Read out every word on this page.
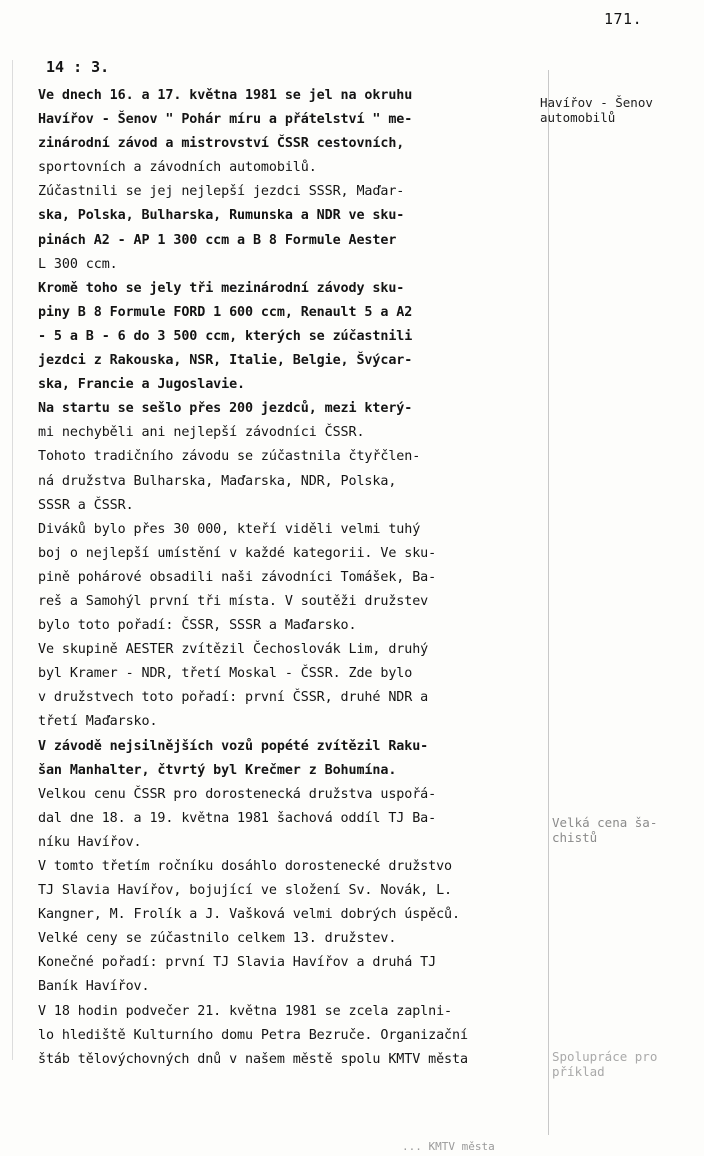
171.
14 : 3.
Ve dnech 16. a 17. května 1981 se jel na okruhu
Havířov - Šenov " Pohár míru a přátelství " me-
zinárodní závod a mistrovství ČSSR cestovních,
sportovních a závodních automobilů.
Zúčastnili se jej nejlepší jezdci SSSR, Maďar-
ska, Polska, Bulharska, Rumunska a NDR ve sku-
pinách A2 - AP 1 300 ccm a B 8 Formule Aester
L 300 ccm.
Kromě toho se jely tři mezinárodní závody sku-
piny B 8 Formule FORD 1 600 ccm, Renault 5 a A2
- 5 a B - 6 do 3 500 ccm, kterých se zúčastnili
jezdci z Rakouska, NSR, Italie, Belgie, Švýcar-
ska, Francie a Jugoslavie.
Na startu se sešlo přes 200 jezdců, mezi který-
mi nechyběli ani nejlepší závodníci ČSSR.
Tohoto tradičního závodu se zúčastnila čtyřčlen-
ná družstva Bulharska, Maďarska, NDR, Polska,
SSSR a ČSSR.
Diváků bylo přes 30 000, kteří viděli velmi tuhý
boj o nejlepší umístění v každé kategorii. Ve sku-
pině pohárové obsadili naši závodníci Tomášek, Ba-
reš a Samohýl první tři místa. V soutěži družstev
bylo toto pořadí: ČSSR, SSSR a Maďarsko.
Ve skupině AESTER zvítězil Čechoslovák Lim, druhý
byl Kramer - NDR, třetí Moskal - ČSSR. Zde bylo
v družstvech toto pořadí: první ČSSR, druhé NDR a
třetí Maďarsko.
V závodě nejsilnějších vozů popété zvítězil Raku-
šan Manhalter, čtvrtý byl Krečmer z Bohumína.
Velkou cenu ČSSR pro dorostenecká družstva uspořá-
dal dne 18. a 19. května 1981 šachová oddíl TJ Ba-
níku Havířov.
V tomto třetím ročníku dosáhlo dorostenecké družstvo
TJ Slavia Havířov, bojující ve složení Sv. Novák, L.
Kangner, M. Frolík a J. Vašková velmi dobrých úspěců.
Velké ceny se zúčastnilo celkem 13. družstev.
Konečné pořadí: první TJ Slavia Havířov a druhá TJ
Baník Havířov.
V 18 hodin podvečer 21. května 1981 se zcela zaplni-
lo hlediště Kulturního domu Petra Bezruče. Organizační
štáb tělovýchovných dnů v našem městě spolu KMTV města
Havířov - Šenov
automobilů
Velká cena ša-
chistů
Spolupráce pro
příklad
... KMTV města
